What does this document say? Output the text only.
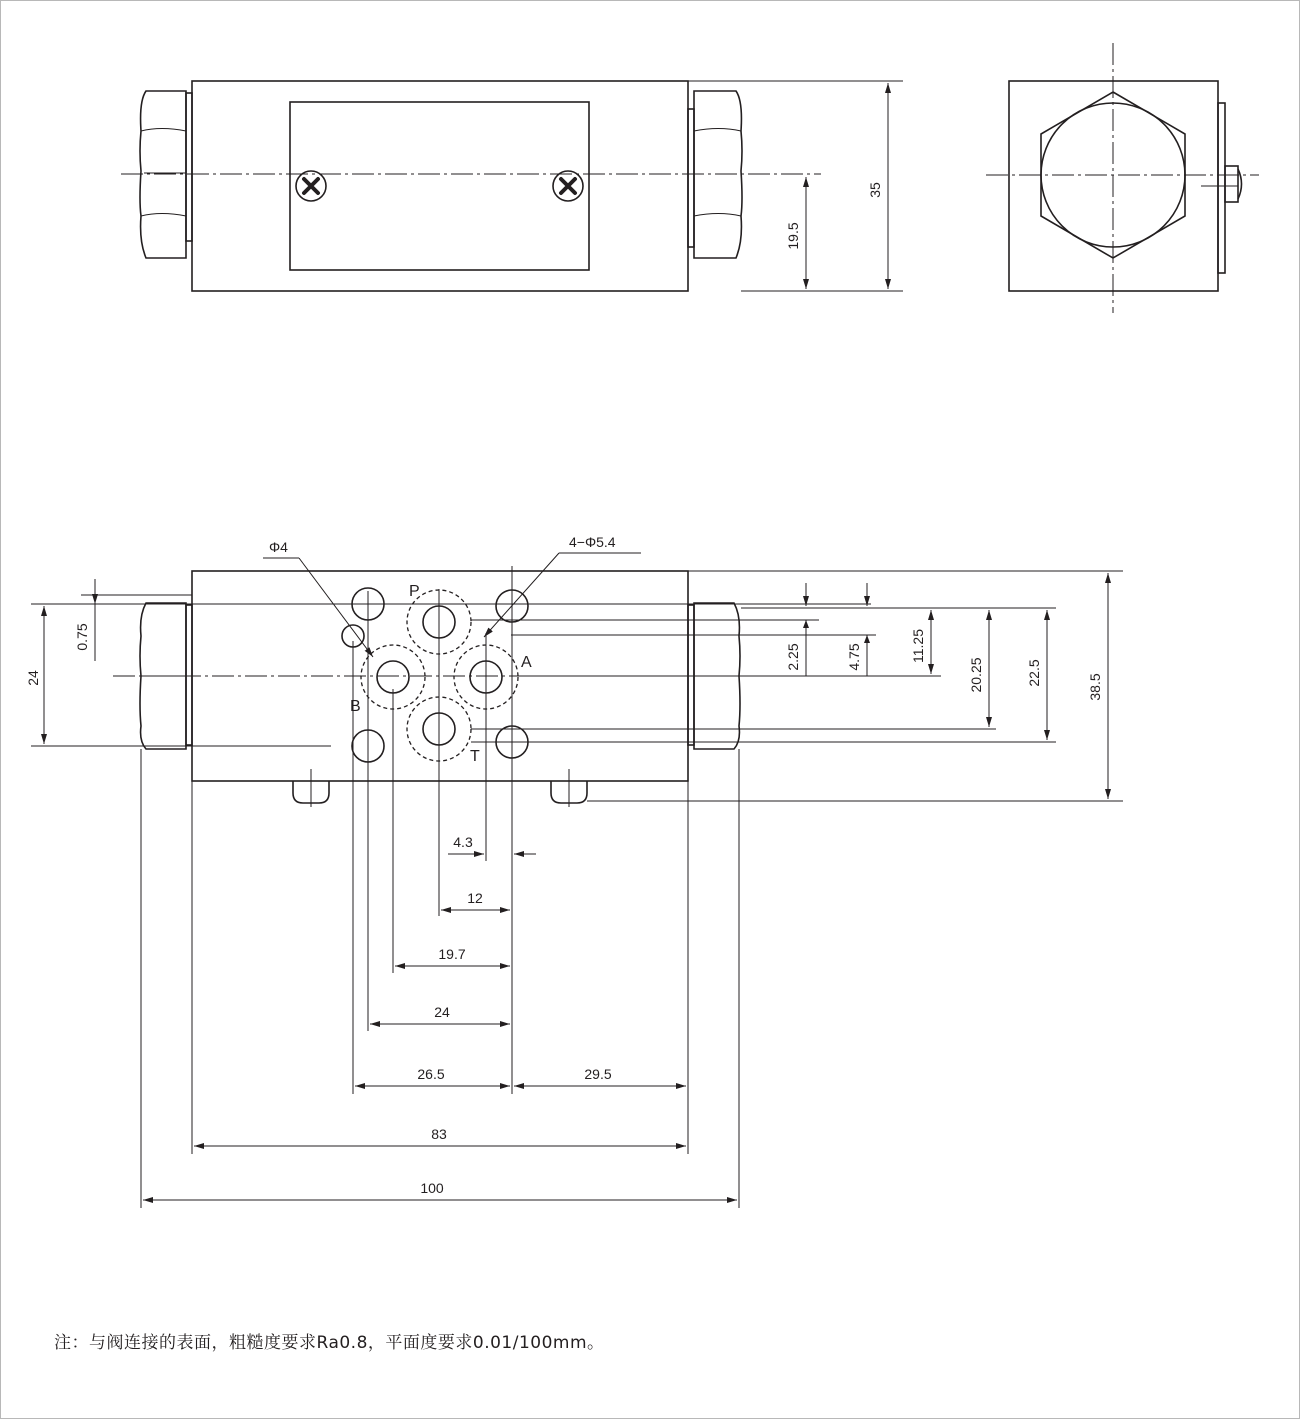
19.5
35
P
A
B
T
24
0.75
2.25	4.75	11.25
20.25	22.5
38.5
4.3
12
19.7
24
26.5	29.5
83
100
Φ4	4−Φ5.4
注：与阀连接的表面，粗糙度要求Ra0.8，平面度要求0.01/100mm。
